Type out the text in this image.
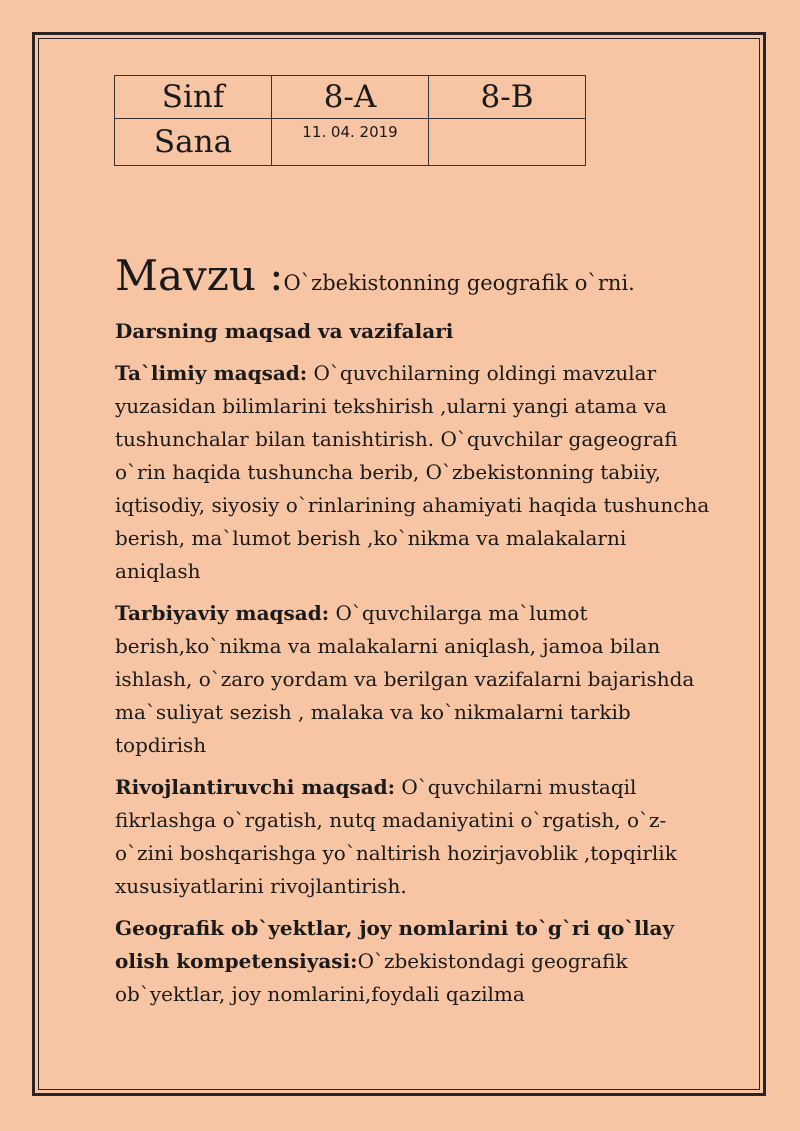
Sinf	8-A	8-B
Sana	11. 04. 2019	

Mavzu :O`zbekistonning geografik o`rni.

Darsning maqsad va vazifalari

Ta`limiy maqsad: O`quvchilarning oldingi mavzular yuzasidan bilimlarini tekshirish ,ularni yangi atama va tushunchalar bilan tanishtirish. O`quvchilar gageografi o`rin haqida tushuncha berib, O`zbekistonning tabiiy, iqtisodiy, siyosiy o`rinlarining ahamiyati haqida tushuncha berish, ma`lumot berish ,ko`nikma va malakalarni aniqlash

Tarbiyaviy maqsad: O`quvchilarga ma`lumot berish,ko`nikma va malakalarni aniqlash, jamoa bilan ishlash, o`zaro yordam va berilgan vazifalarni bajarishda ma`suliyat sezish , malaka va ko`nikmalarni tarkib topdirish

Rivojlantiruvchi maqsad: O`quvchilarni mustaqil fikrlashga o`rgatish, nutq madaniyatini o`rgatish, o`z-o`zini boshqarishga yo`naltirish hozirjavoblik ,topqirlik xususiyatlarini rivojlantirish.

Geografik ob`yektlar, joy nomlarini to`g`ri qo`llay olish kompetensiyasi:O`zbekistondagi geografik ob`yektlar, joy nomlarini,foydali qazilma
